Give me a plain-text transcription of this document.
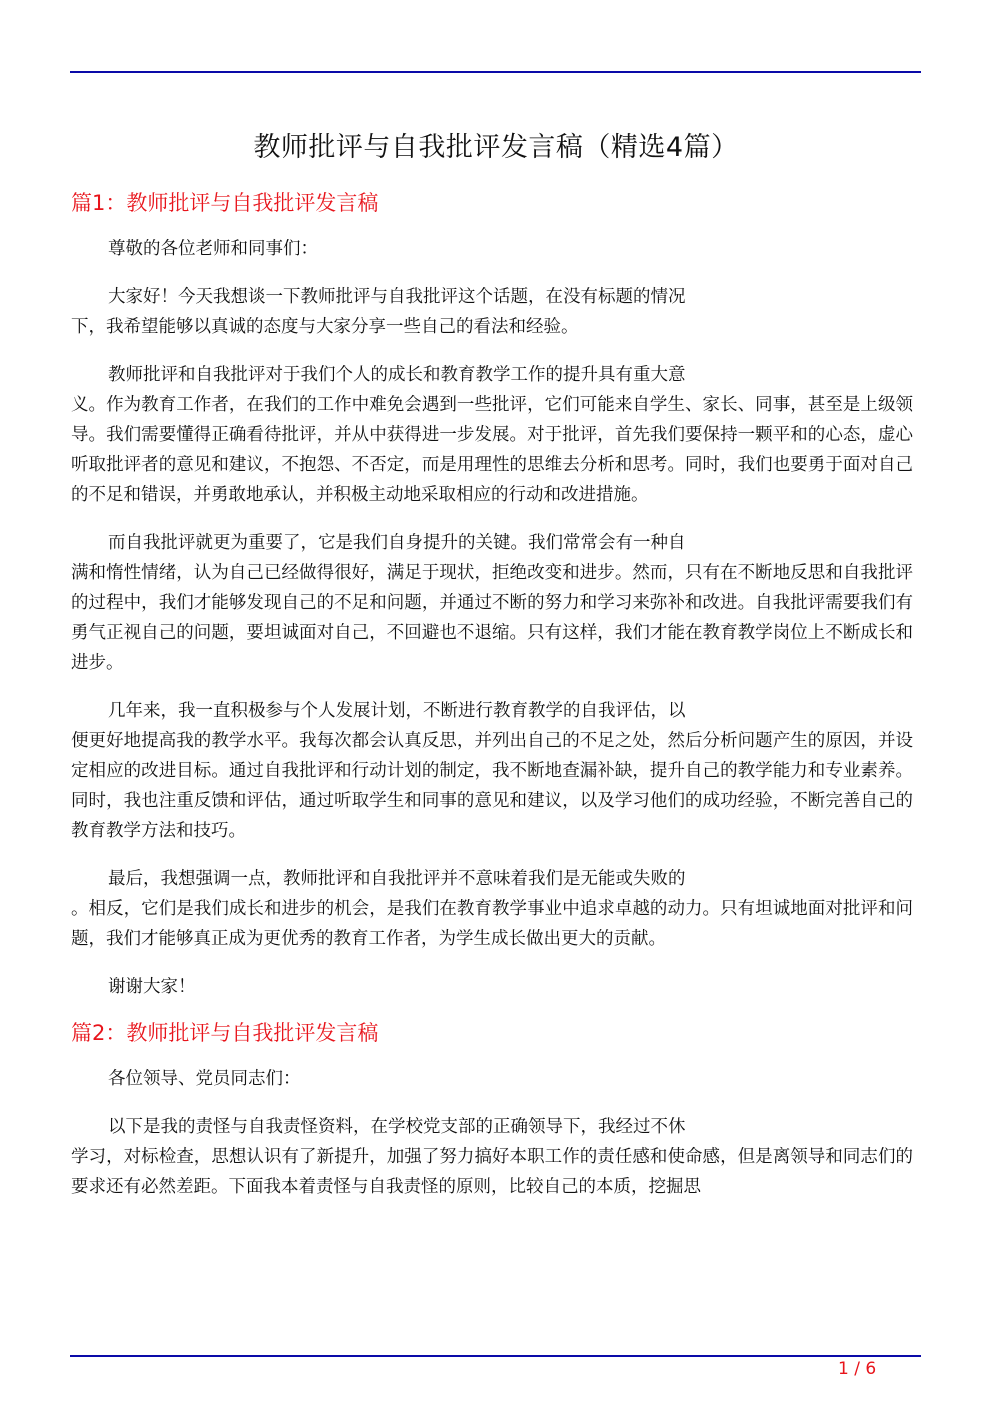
教师批评与自我批评发言稿（精选4篇）
篇1：教师批评与自我批评发言稿

尊敬的各位老师和同事们：

大家好！今天我想谈一下教师批评与自我批评这个话题，在没有标题的情况
下，我希望能够以真诚的态度与大家分享一些自己的看法和经验。

教师批评和自我批评对于我们个人的成长和教育教学工作的提升具有重大意
义。作为教育工作者，在我们的工作中难免会遇到一些批评，它们可能来自学生、家长、同事，甚至是上级领导。我们需要懂得正确看待批评，并从中获得进一步发展。对于批评，首先我们要保持一颗平和的心态，虚心听取批评者的意见和建议，不抱怨、不否定，而是用理性的思维去分析和思考。同时，我们也要勇于面对自己的不足和错误，并勇敢地承认，并积极主动地采取相应的行动和改进措施。

而自我批评就更为重要了，它是我们自身提升的关键。我们常常会有一种自
满和惰性情绪，认为自己已经做得很好，满足于现状，拒绝改变和进步。然而，只有在不断地反思和自我批评的过程中，我们才能够发现自己的不足和问题，并通过不断的努力和学习来弥补和改进。自我批评需要我们有勇气正视自己的问题，要坦诚面对自己，不回避也不退缩。只有这样，我们才能在教育教学岗位上不断成长和进步。

几年来，我一直积极参与个人发展计划，不断进行教育教学的自我评估，以
便更好地提高我的教学水平。我每次都会认真反思，并列出自己的不足之处，然后分析问题产生的原因，并设定相应的改进目标。通过自我批评和行动计划的制定，我不断地查漏补缺，提升自己的教学能力和专业素养。同时，我也注重反馈和评估，通过听取学生和同事的意见和建议，以及学习他们的成功经验，不断完善自己的教育教学方法和技巧。

最后，我想强调一点，教师批评和自我批评并不意味着我们是无能或失败的
。相反，它们是我们成长和进步的机会，是我们在教育教学事业中追求卓越的动力。只有坦诚地面对批评和问题，我们才能够真正成为更优秀的教育工作者，为学生成长做出更大的贡献。

谢谢大家！

篇2：教师批评与自我批评发言稿

各位领导、党员同志们：

以下是我的责怪与自我责怪资料，在学校党支部的正确领导下，我经过不休
学习，对标检查，思想认识有了新提升，加强了努力搞好本职工作的责任感和使命感，但是离领导和同志们的要求还有必然差距。下面我本着责怪与自我责怪的原则，比较自己的本质，挖掘思

1 / 6
